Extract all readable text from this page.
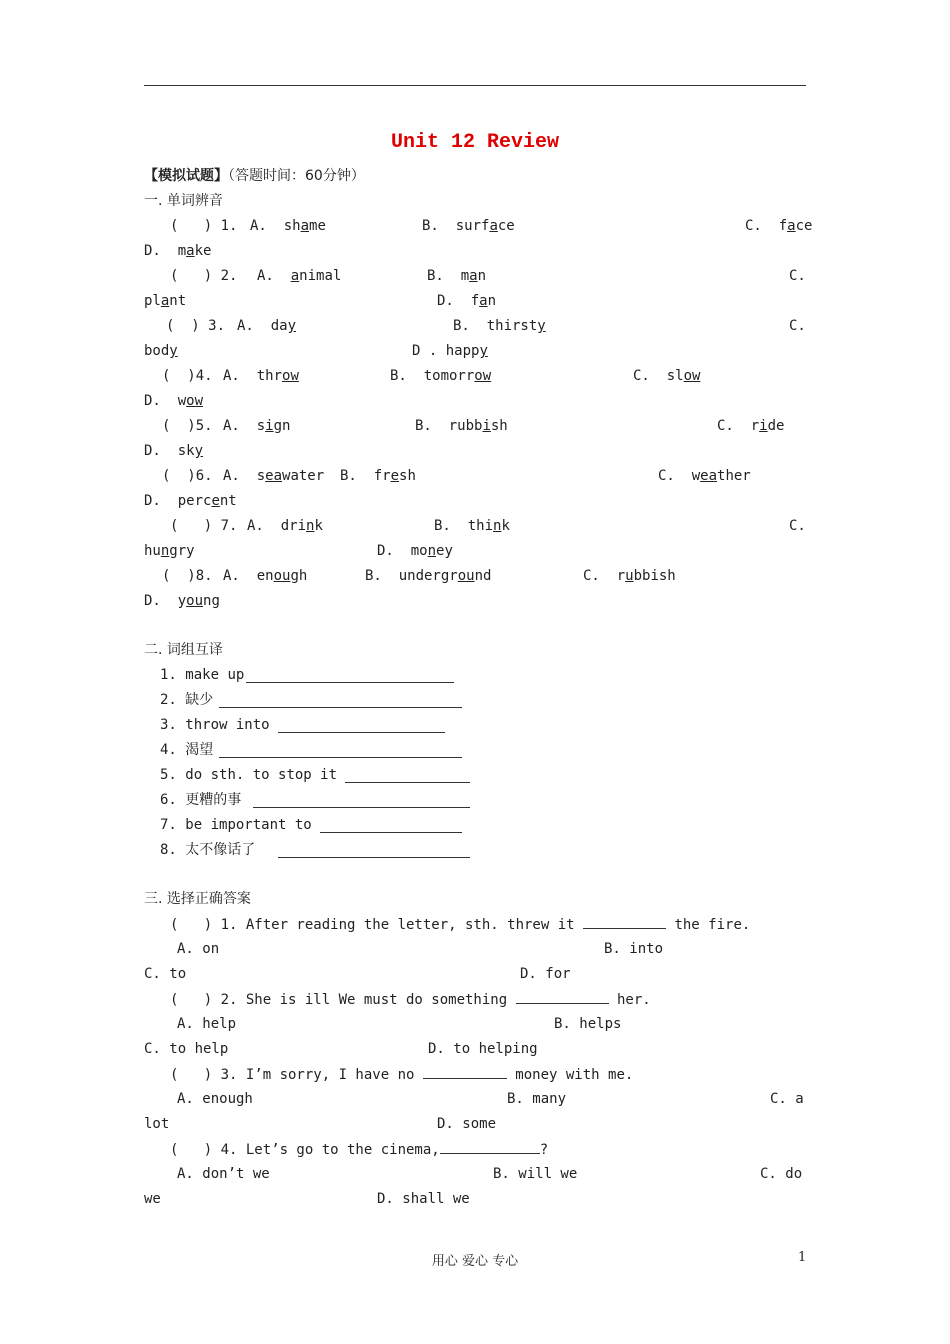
Unit 12 Review
【模拟试题】（答题时间：60分钟）
一. 单词辨音
(   ) 1. A.  shame	B.  surface	C.  face
D.  make
(   ) 2. A.  animal	B.  man	C.
plant	D.  fan
(  ) 3. A.  day	B.  thirsty	C.
body	D . happy
(  )4. A.  throw	B.  tomorrow	C.  slow
D.  wow
(  )5. A.  sign	B.  rubbish	C.  ride
D.  sky
(  )6. A.  seawater B.  fresh	C.  weather
D.  percent
(   ) 7. A.  drink	B.  think	C.
hungry	D.  money
(  )8. A.  enough	B.  underground	C.  rubbish
D.  young
二. 词组互译
1. make up
2. 缺少
3. throw into
4. 渴望
5. do sth. to stop it
6. 更糟的事
7. be important to
8. 太不像话了
三. 选择正确答案
(   ) 1. After reading the letter, sth. threw it	the fire.
A. on	B. into
C. to	D. for
(   ) 2. She is ill We must do something	her.
A. help	B. helps
C. to help	D. to helping
(   ) 3. I’m sorry, I have no	money with me.
A. enough	B. many	C. a
lot	D. some
(   ) 4. Let’s go to the cinema,	?
A. don’t we	B. will we	C. do
we	D. shall we
用心 爱心 专心	1
